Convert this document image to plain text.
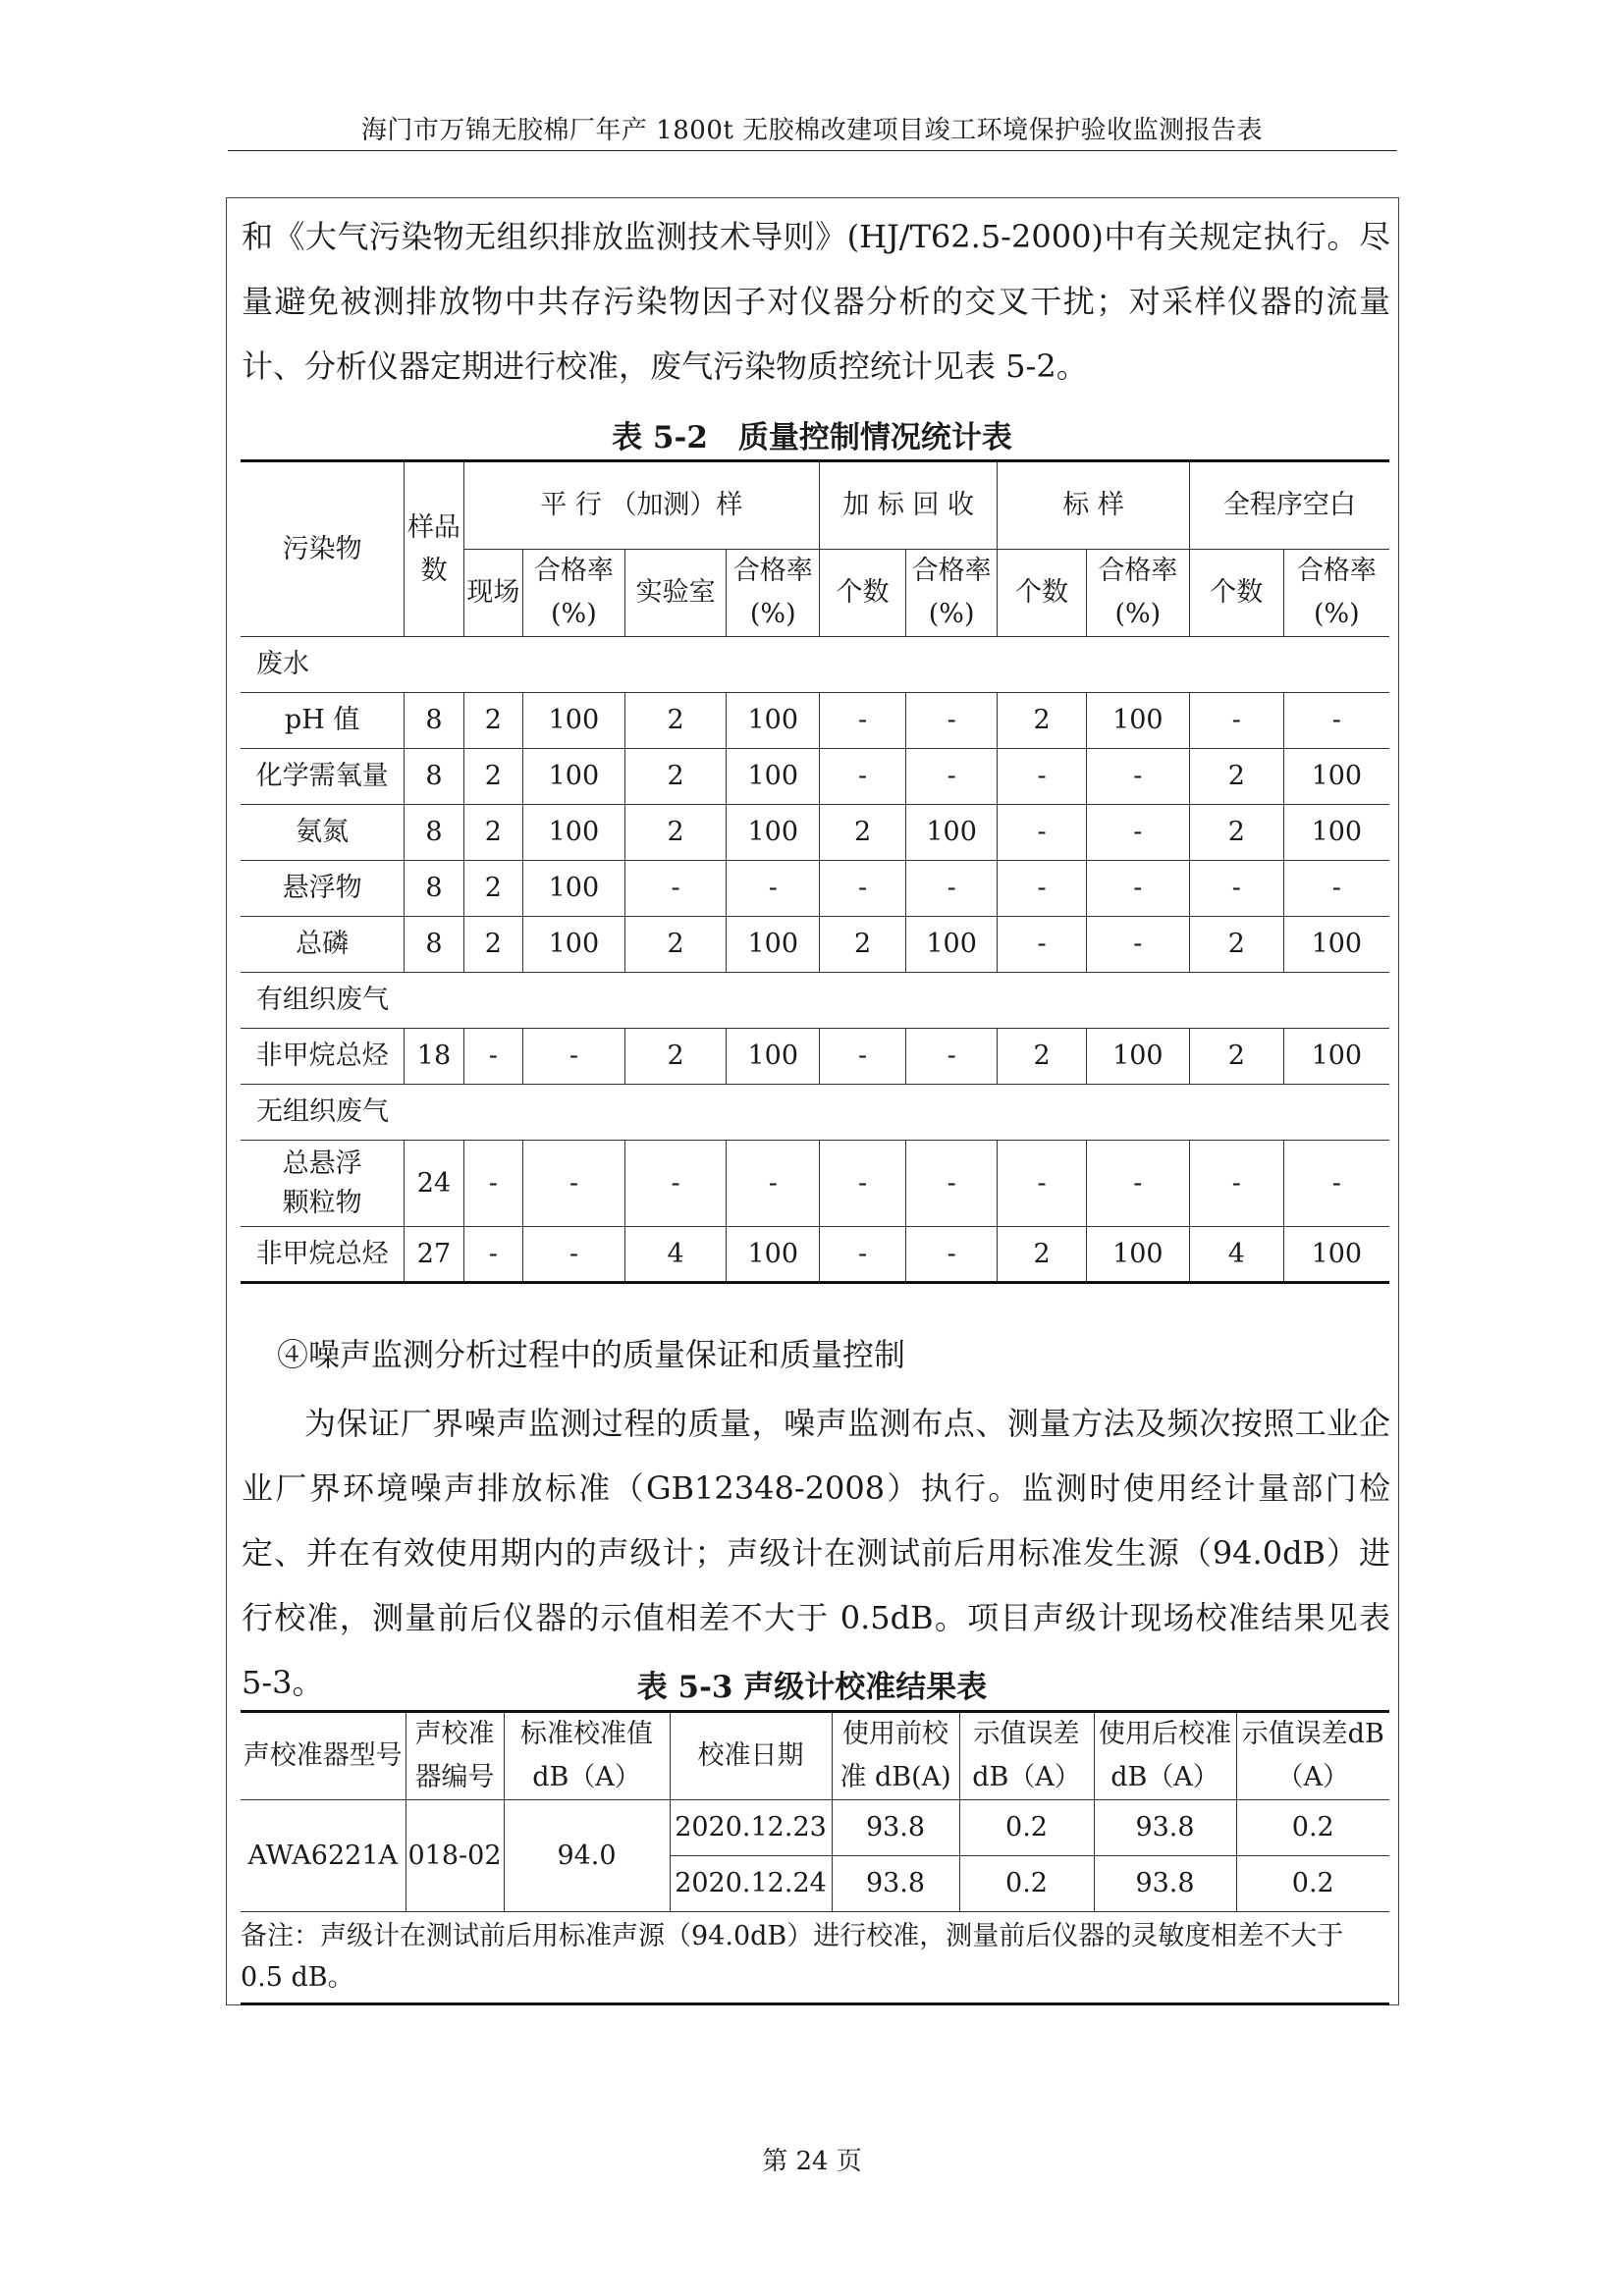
海门市万锦无胶棉厂年产 1800t 无胶棉改建项目竣工环境保护验收监测报告表

和《大气污染物无组织排放监测技术导则》(HJ/T62.5-2000)中有关规定执行。尽量避免被测排放物中共存污染物因子对仪器分析的交叉干扰；对采样仪器的流量计、分析仪器定期进行校准，废气污染物质控统计见表 5-2。

表 5-2　质量控制情况统计表
污染物	样品数	平 行 （加测）样				加 标 回 收		标 样		全程序空白	
		现场	合格率 (%)	实验室	合格率 (%)	个数	合格率 (%)	个数	合格率 (%)	个数	合格率 (%)
废水											
pH 值	8	2	100	2	100	-	-	2	100	-	-
化学需氧量	8	2	100	2	100	-	-	-	-	2	100
氨氮	8	2	100	2	100	2	100	-	-	2	100
悬浮物	8	2	100	-	-	-	-	-	-	-	-
总磷	8	2	100	2	100	2	100	-	-	2	100
有组织废气											
非甲烷总烃	18	-	-	2	100	-	-	2	100	2	100
无组织废气											
总悬浮颗粒物	24	-	-	-	-	-	-	-	-	-	-
非甲烷总烃	27	-	-	4	100	-	-	2	100	4	100

④噪声监测分析过程中的质量保证和质量控制

为保证厂界噪声监测过程的质量，噪声监测布点、测量方法及频次按照工业企业厂界环境噪声排放标准（GB12348-2008）执行。监测时使用经计量部门检定、并在有效使用期内的声级计；声级计在测试前后用标准发生源（94.0dB）进行校准，测量前后仪器的示值相差不大于 0.5dB。项目声级计现场校准结果见表 5-3。	表 5-3 声级计校准结果表
声校准器型号	声校准器编号	标准校准值dB（A）	校准日期	使用前校准 dB(A)	示值误差dB（A）	使用后校准 dB（A）	示值误差dB（A）
AWA6221A	018-02	94.0	2020.12.23	93.8	0.2	93.8	0.2
			2020.12.24	93.8	0.2	93.8	0.2
备注：声级计在测试前后用标准声源（94.0dB）进行校准，测量前后仪器的灵敏度相差不大于 0.5 dB。							
第 24 页
